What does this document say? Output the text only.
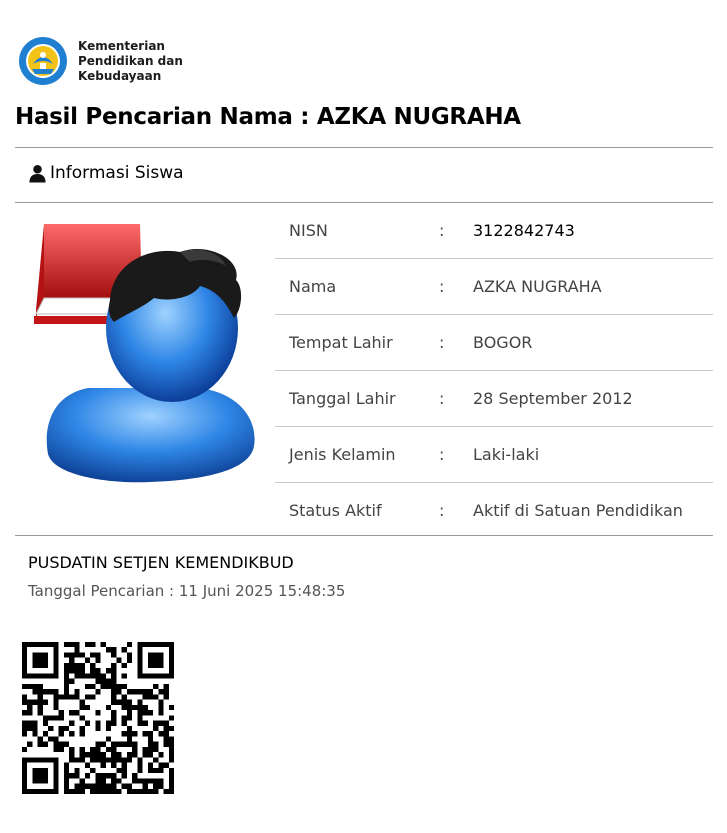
Kementerian
Pendidikan dan
Kebudayaan
Hasil Pencarian Nama : AZKA NUGRAHA
Informasi Siswa
NISN	:	3122842743
Nama	:	AZKA NUGRAHA
Tempat Lahir	:	BOGOR
Tanggal Lahir	:	28 September 2012
Jenis Kelamin	:	Laki-laki
Status Aktif	:	Aktif di Satuan Pendidikan
PUSDATIN SETJEN KEMENDIKBUD
Tanggal Pencarian : 11 Juni 2025 15:48:35
